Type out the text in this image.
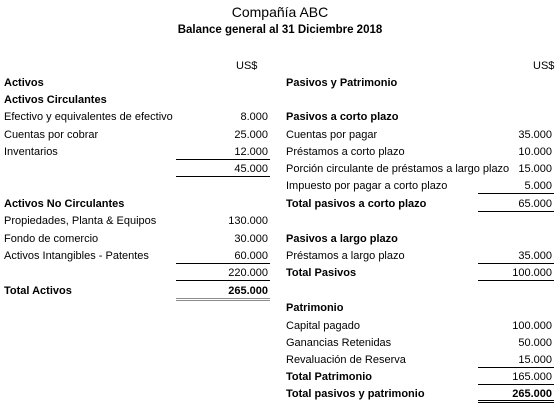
Compañía ABC
Balance general al 31 Diciembre 2018
US$	US$
Activos
Activos Circulantes
Efectivo y equivalentes de efectivo	8.000
Cuentas por cobrar	25.000
Inventarios	12.000
45.000
Activos No Circulantes
Propiedades, Planta & Equipos	130.000
Fondo de comercio	30.000
Activos Intangibles - Patentes	60.000
220.000
Total Activos	265.000
Pasivos y Patrimonio
Pasivos a corto plazo
Cuentas por pagar	35.000
Préstamos a corto plazo	10.000
Porción circulante de préstamos a largo plazo 15.000
Impuesto por pagar a corto plazo	5.000
Total pasivos a corto plazo	65.000
Pasivos a largo plazo
Préstamos a largo plazo	35.000
Total Pasivos	100.000
Patrimonio
Capital pagado	100.000
Ganancias Retenidas	50.000
Revaluación de Reserva	15.000
Total Patrimonio	165.000
Total pasivos y patrimonio	265.000
